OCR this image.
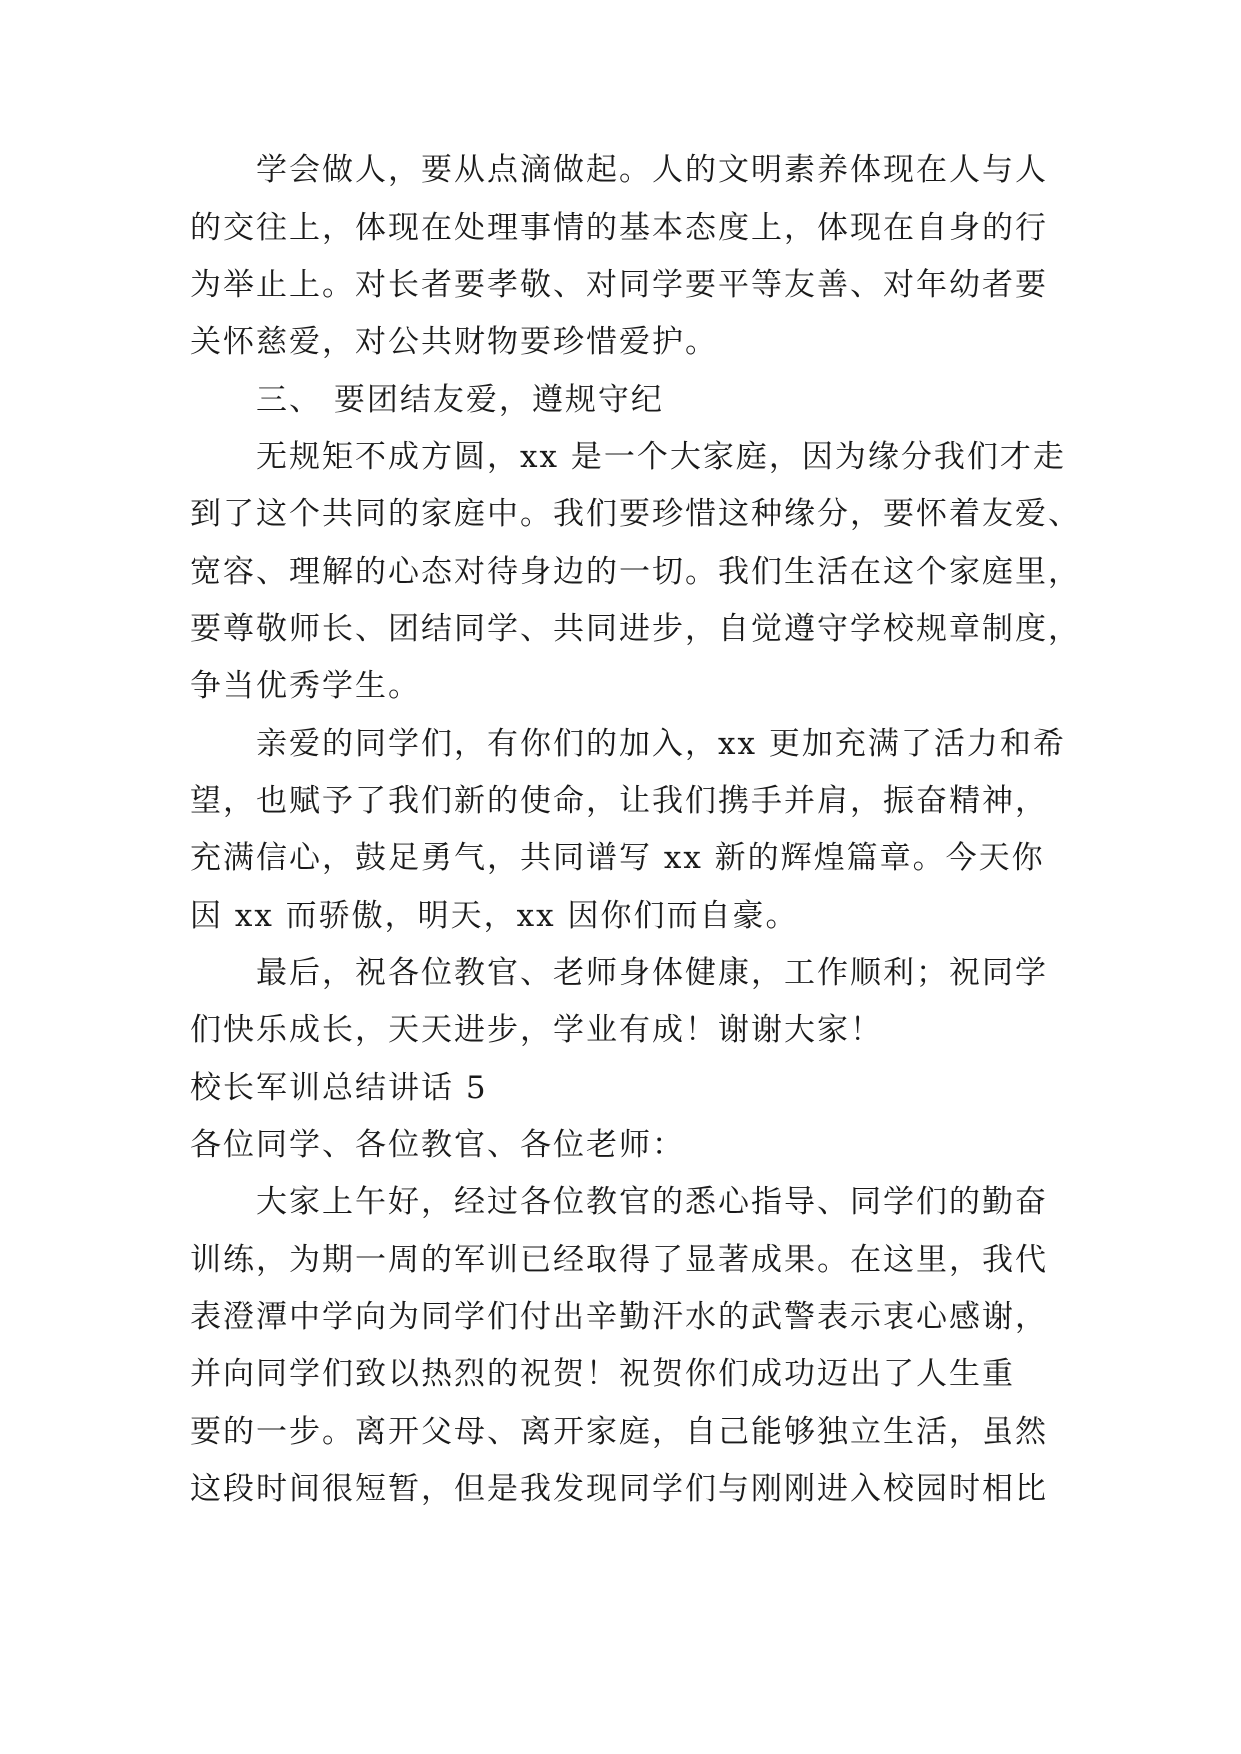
学会做人，要从点滴做起。人的文明素养体现在人与人
的交往上，体现在处理事情的基本态度上，体现在自身的行
为举止上。对长者要孝敬、对同学要平等友善、对年幼者要
关怀慈爱，对公共财物要珍惜爱护。
三、 要团结友爱，遵规守纪
无规矩不成方圆，xx 是一个大家庭，因为缘分我们才走
到了这个共同的家庭中。我们要珍惜这种缘分，要怀着友爱、
宽容、理解的心态对待身边的一切。我们生活在这个家庭里，
要尊敬师长、团结同学、共同进步，自觉遵守学校规章制度，
争当优秀学生。
亲爱的同学们，有你们的加入，xx 更加充满了活力和希
望，也赋予了我们新的使命，让我们携手并肩，振奋精神，
充满信心，鼓足勇气，共同谱写 xx 新的辉煌篇章。今天你
因 xx 而骄傲，明天，xx 因你们而自豪。
最后，祝各位教官、老师身体健康，工作顺利；祝同学
们快乐成长，天天进步，学业有成！谢谢大家！
校长军训总结讲话 5
各位同学、各位教官、各位老师：
大家上午好，经过各位教官的悉心指导、同学们的勤奋
训练，为期一周的军训已经取得了显著成果。在这里，我代
表澄潭中学向为同学们付出辛勤汗水的武警表示衷心感谢，
并向同学们致以热烈的祝贺！祝贺你们成功迈出了人生重
要的一步。离开父母、离开家庭，自己能够独立生活，虽然
这段时间很短暂，但是我发现同学们与刚刚进入校园时相比
